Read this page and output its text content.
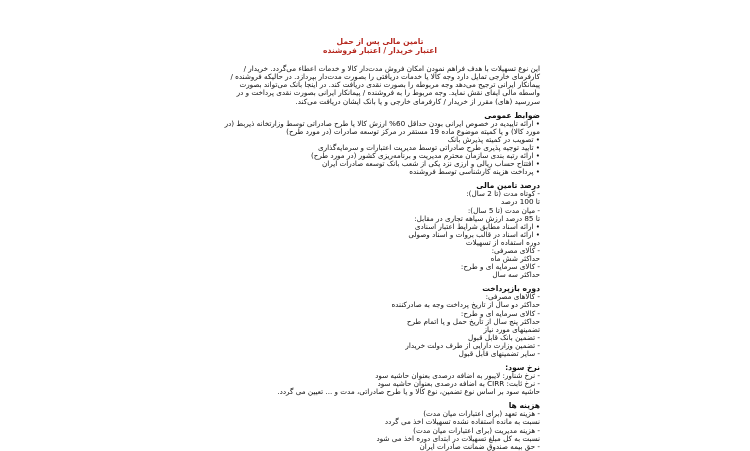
تامین مالی پس از حمل
اعتبار خریدار / اعتبار فروشنده
این نوع تسهیلات با هدف فراهم نمودن امکان فروش مدت‌دار کالا و خدمات اعطاء می‌گردد. خریدار /
کارفرمای خارجی تمایل دارد وجه کالا یا خدمات دریافتی را بصورت مدت‌دار بپردازد. در حالیکه فروشنده /
پیمانکار ایرانی ترجیح می‌دهد وجه مربوطه را بصورت نقدی دریافت کند. در اینجا بانک می‌تواند بصورت
واسطه مالی ایفای نقش نماید. وجه مربوط را به فروشنده / پیمانکار ایرانی بصورت نقدی پرداخت و در
سررسید (های) مقرر از خریدار / کارفرمای خارجی و یا بانک ایشان دریافت می‌کند.
ضوابط عمومی
• ارائه تاییدیه در خصوص ایرانی بودن حداقل 60% ارزش کالا یا طرح صادراتی توسط وزارتخانه ذیربط (در
مورد کالا) و یا کمیته موضوع ماده 19 مستقر در مرکز توسعه صادرات (در مورد طرح)
• تصویب در کمیته پذیرش بانک
• تایید توجیه پذیری طرح صادراتی توسط مدیریت اعتبارات و سرمایه‌گذاری
• ارائه رتبه بندی سازمان محترم مدیریت و برنامه‌ریزی کشور (در مورد طرح)
• افتتاح حساب ریالی و ارزی نزد یکی از شعب بانک توسعه صادرات ایران
• پرداخت هزینه کارشناسی توسط فروشنده
درصد تامین مالی
- کوتاه مدت (تا 2 سال):
تا 100 درصد
- میان مدت (تا 5 سال):
تا 85 درصد ارزش سیاهه تجاری در مقابل:
• ارائه اسناد مطابق شرایط اعتبار اسنادی
• ارائه اسناد در قالب بروات و اسناد وصولی
دوره استفاده از تسهیلات
- کالای مصرفی:
حداکثر شش ماه
- کالای سرمایه ای و طرح:
حداکثر سه سال
دوره بازپرداخت
- کالاهای مصرفی:
حداکثر دو سال از تاریخ پرداخت وجه به صادرکننده
- کالای سرمایه ای و طرح:
حداکثر پنج سال از تاریخ حمل و یا اتمام طرح
تضمینهای مورد نیاز
- تضمین بانک قابل قبول
- تضمین وزارت دارایی از طرف دولت خریدار
- سایر تضمینهای قابل قبول
نرخ سود:
- نرخ شناور: لایبور به اضافه درصدی بعنوان حاشیه سود
- نرخ ثابت: CIRR به اضافه درصدی بعنوان حاشیه سود
حاشیه سود بر اساس نوع تضمین، نوع کالا و یا طرح صادراتی، مدت و ... تعیین می گردد.
هزینه ها
- هزینه تعهد (برای اعتبارات میان مدت)
نسبت به مانده استفاده نشده تسهیلات اخذ می گردد
- هزینه مدیریت (برای اعتبارات میان مدت)
نسبت به کل مبلغ تسهیلات در ابتدای دوره اخذ می شود
- حق بیمه صندوق ضمانت صادرات ایران
